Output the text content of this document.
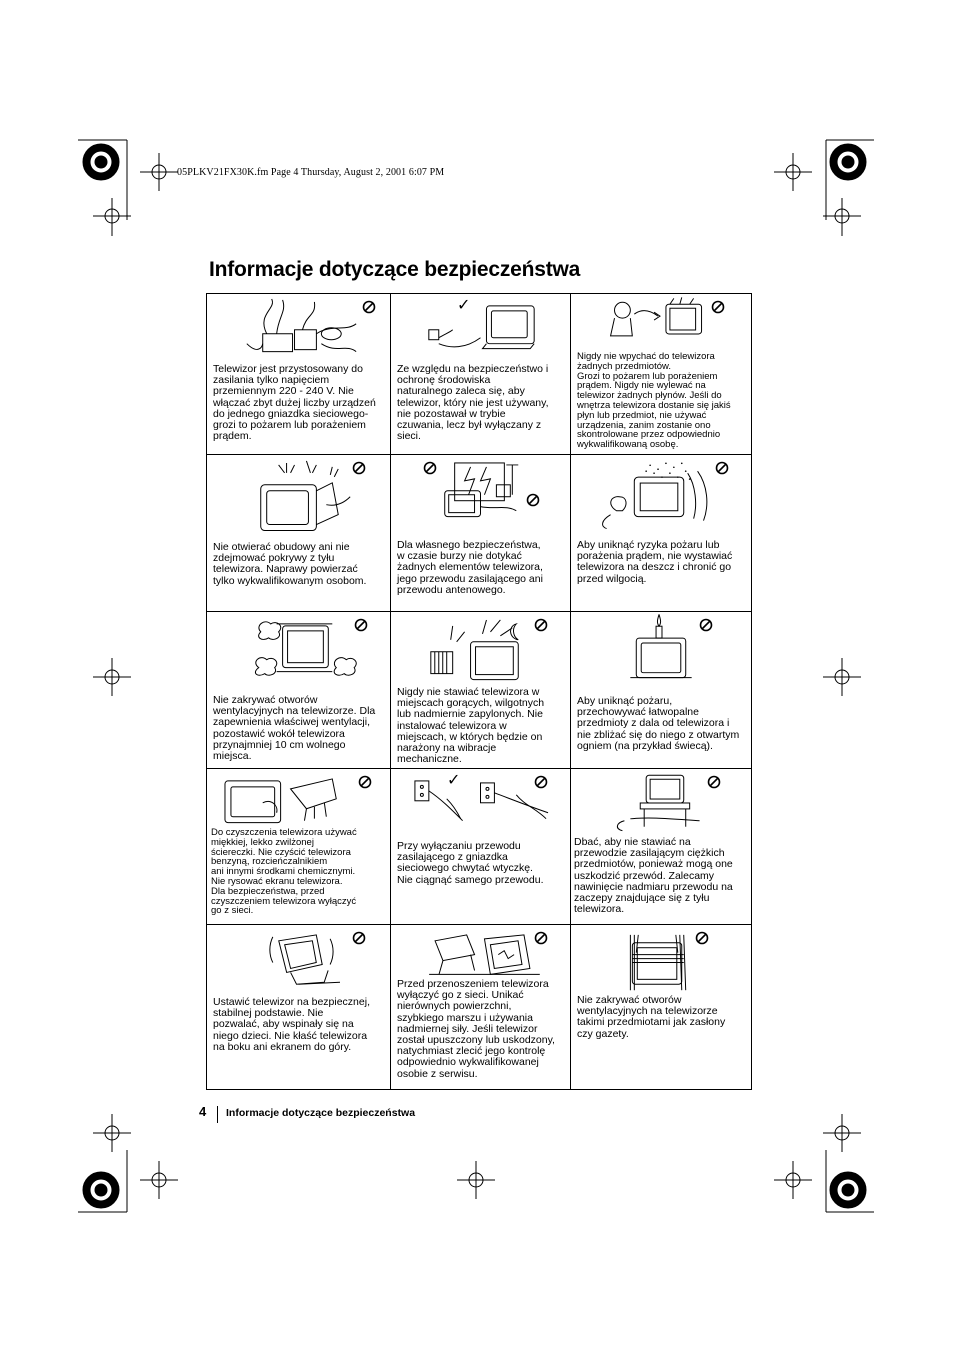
05PLKV21FX30K.fm Page 4 Thursday, August 2, 2001 6:07 PM
Informacje dotyczące bezpieczeństwa

Telewizor jest przystosowany do
zasilania tylko napięciem
przemiennym 220 - 240 V. Nie
włączać zbyt dużej liczby urządzeń
do jednego gniazdka sieciowego-
grozi to pożarem lub porażeniem
prądem.

✓

Ze względu na bezpieczeństwo i
ochronę środowiska
naturalnego zaleca się, aby
telewizor, który nie jest używany,
nie pozostawał w trybie
czuwania, lecz był wyłączany z
sieci.

Nigdy nie wpychać do telewizora
żadnych przedmiotów.
Grozi to pożarem lub porażeniem
prądem. Nigdy nie wylewać na
telewizor żadnych płynów. Jeśli do
wnętrza telewizora dostanie się jakiś
płyn lub przedmiot, nie używać
urządzenia, zanim zostanie ono
skontrolowane przez odpowiednio
wykwalifikowaną osobę.

Nie otwierać obudowy ani nie
zdejmować pokrywy z tyłu
telewizora. Naprawy powierzać
tylko wykwalifikowanym osobom.

Dla własnego bezpieczeństwa,
w czasie burzy nie dotykać
żadnych elementów telewizora,
jego przewodu zasilającego ani
przewodu antenowego.

Aby uniknąć ryzyka pożaru lub
porażenia prądem, nie wystawiać
telewizora na deszcz i chronić go
przed wilgocią.

Nie zakrywać otworów
wentylacyjnych na telewizorze. Dla
zapewnienia właściwej wentylacji,
pozostawić wokół telewizora
przynajmniej 10 cm wolnego
miejsca.

Nigdy nie stawiać telewizora w
miejscach gorących, wilgotnych
lub nadmiernie zapylonych. Nie
instalować telewizora w
miejscach, w których będzie on
narażony na wibracje
mechaniczne.

Aby uniknąć pożaru,
przechowywać łatwopalne
przedmioty z dala od telewizora i
nie zbliżać się do niego z otwartym
ogniem (na przykład świecą).

Do czyszczenia telewizora używać
miękkiej, lekko zwilżonej
ściereczki. Nie czyścić telewizora
benzyną, rozcieńczalnikiem
ani innymi środkami chemicznymi.
Nie rysować ekranu telewizora.
Dla bezpieczeństwa, przed
czyszczeniem telewizora wyłączyć
go z sieci.

✓

Przy wyłączaniu przewodu
zasilającego z gniazdka
sieciowego chwytać wtyczkę.
Nie ciągnąć samego przewodu.

Dbać, aby nie stawiać na
przewodzie zasilającym ciężkich
przedmiotów, ponieważ mogą one
uszkodzić przewód. Zalecamy
nawinięcie nadmiaru przewodu na
zaczepy znajdujące się z tyłu
telewizora.

Ustawić telewizor na bezpiecznej,
stabilnej podstawie. Nie
pozwalać, aby wspinały się na
niego dzieci. Nie kłaść telewizora
na boku ani ekranem do góry.

Przed przenoszeniem telewizora
wyłączyć go z sieci. Unikać
nierównych powierzchni,
szybkiego marszu i używania
nadmiernej siły. Jeśli telewizor
został upuszczony lub uskodzony,
natychmiast zlecić jego kontrolę
odpowiednio wykwalifikowanej
osobie z serwisu.

Nie zakrywać otworów
wentylacyjnych na telewizorze
takimi przedmiotami jak zasłony
czy gazety.

4 Informacje dotyczące bezpieczeństwa
